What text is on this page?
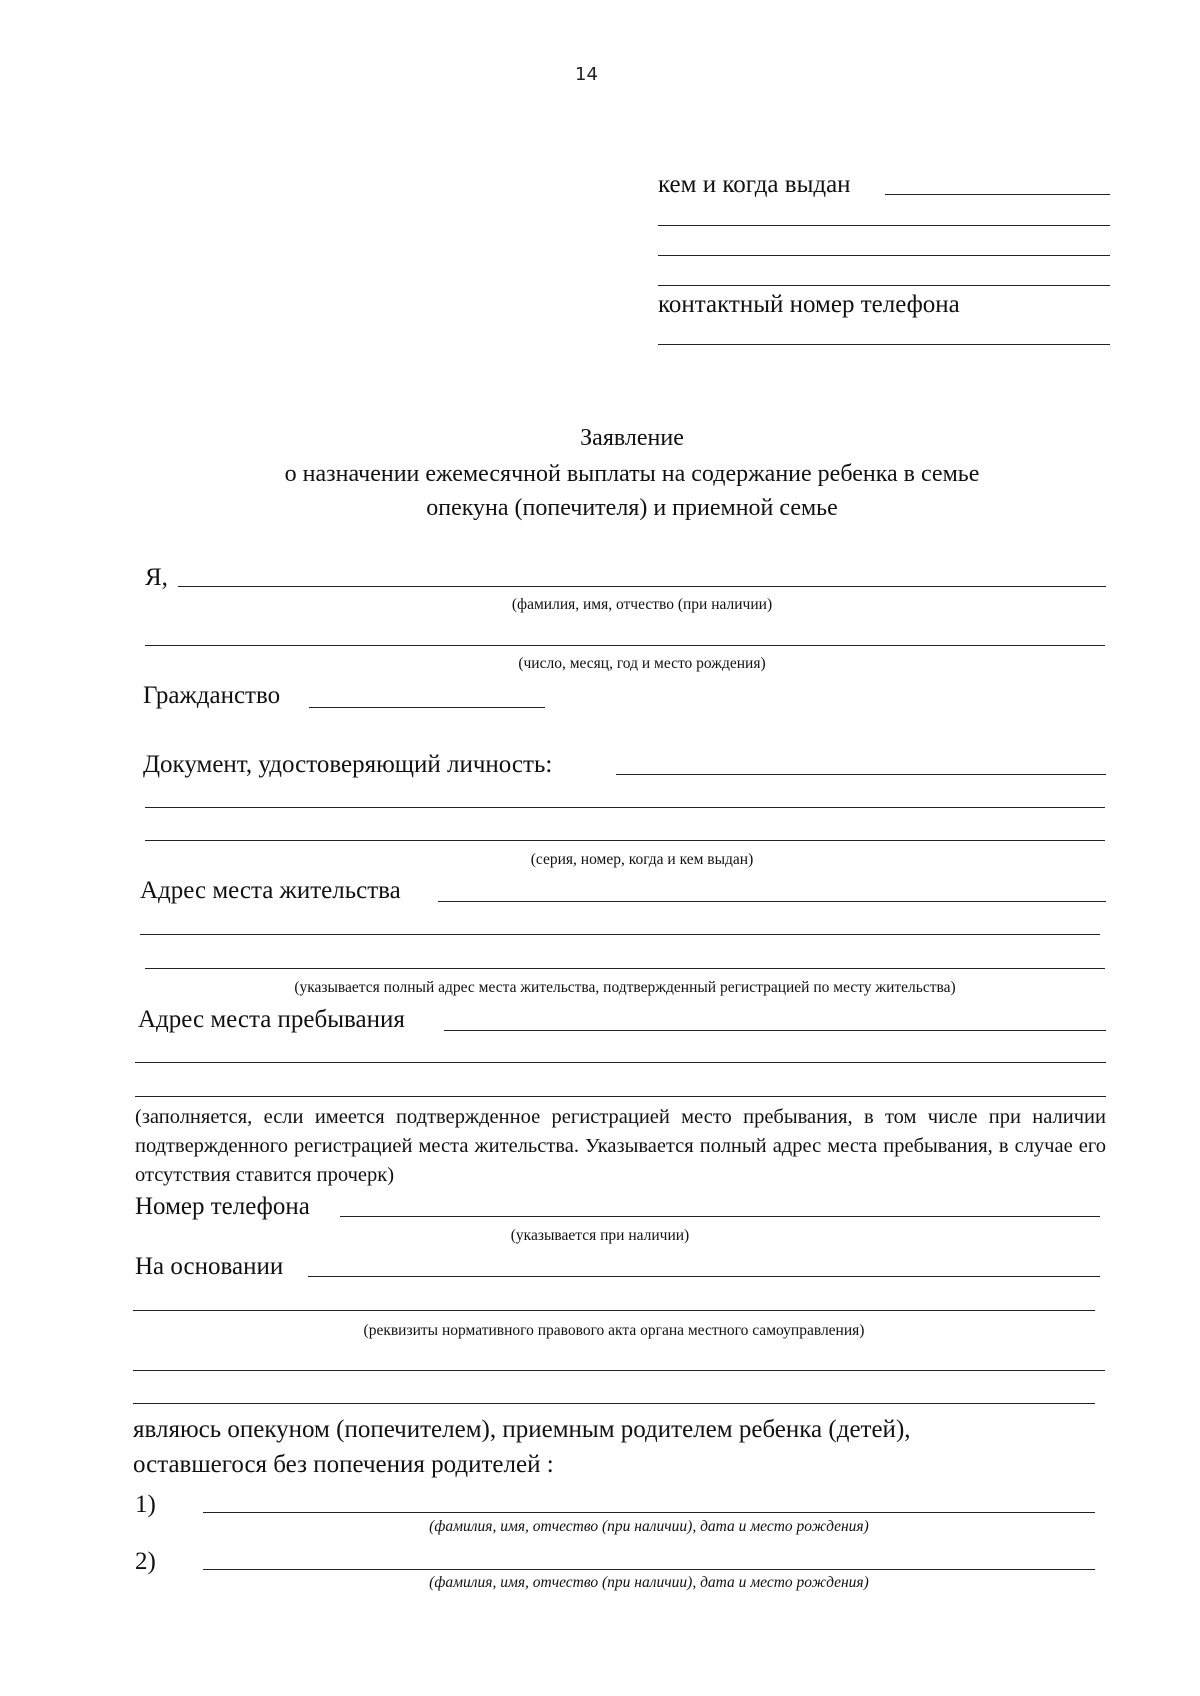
14
кем и когда выдан
контактный номер телефона
Заявление
о назначении ежемесячной выплаты на содержание ребенка в семье
опекуна (попечителя) и приемной семье
Я,
(фамилия, имя, отчество (при наличии)
(число, месяц, год и место рождения)
Гражданство
Документ, удостоверяющий личность:
(серия, номер, когда и кем выдан)
Адрес места жительства
(указывается полный адрес места жительства, подтвержденный регистрацией по месту жительства)
Адрес места пребывания
(заполняется, если имеется подтвержденное регистрацией место пребывания, в том числе при наличии подтвержденного регистрацией места жительства. Указывается полный адрес места пребывания, в случае его отсутствия ставится прочерк)
Номер телефона
(указывается при наличии)
На основании
(реквизиты нормативного правового акта органа местного самоуправления)
являюсь опекуном (попечителем), приемным родителем ребенка (детей),
оставшегося без попечения родителей :
1)
(фамилия, имя, отчество (при наличии), дата и место рождения)
2)
(фамилия, имя, отчество (при наличии), дата и место рождения)
